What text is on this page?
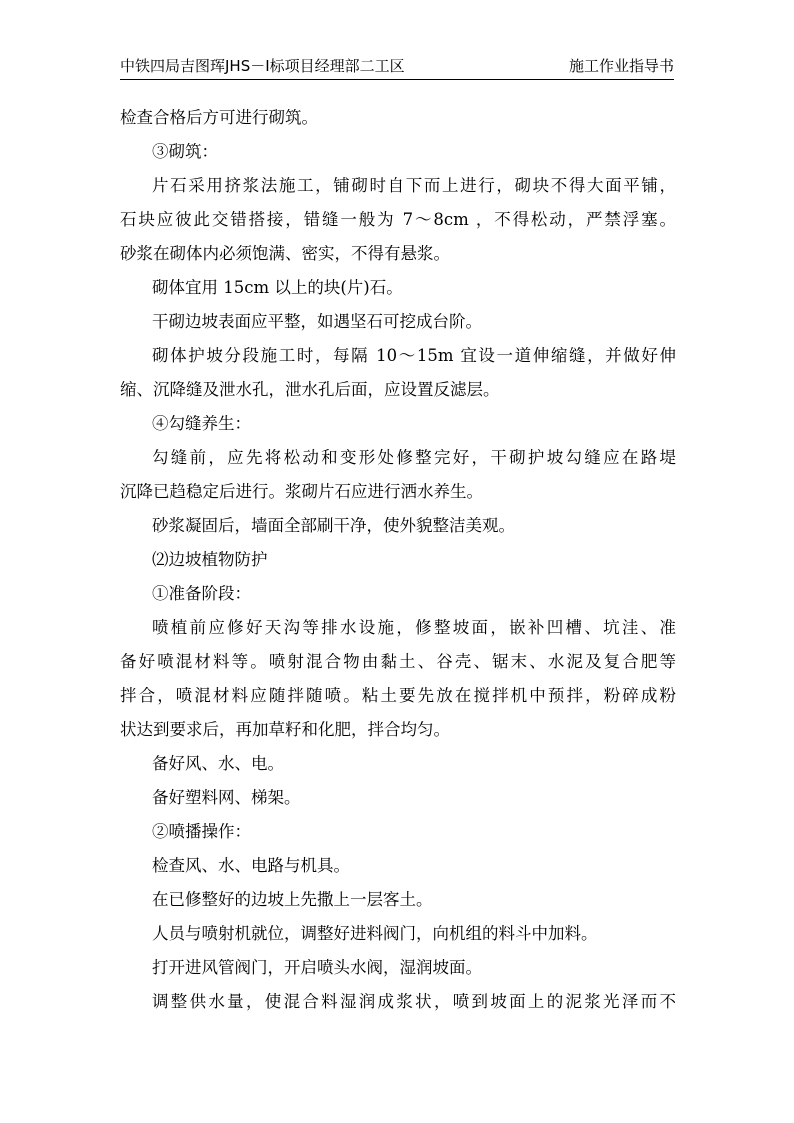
中铁四局吉图珲JHS－Ⅰ标项目经理部二工区	施工作业指导书
检查合格后方可进行砌筑。
③砌筑：
片石采用挤浆法施工，铺砌时自下而上进行，砌块不得大面平铺，
石块应彼此交错搭接，错缝一般为 7～8cm ，不得松动，严禁浮塞。
砂浆在砌体内必须饱满、密实，不得有悬浆。
砌体宜用 15cm 以上的块(片)石。
干砌边坡表面应平整，如遇坚石可挖成台阶。
砌体护坡分段施工时，每隔 10～15m 宜设一道伸缩缝，并做好伸
缩、沉降缝及泄水孔，泄水孔后面，应设置反滤层。
④勾缝养生：
勾缝前，应先将松动和变形处修整完好，干砌护坡勾缝应在路堤
沉降已趋稳定后进行。浆砌片石应进行洒水养生。
砂浆凝固后，墙面全部刷干净，使外貌整洁美观。
⑵边坡植物防护
①准备阶段：
喷植前应修好天沟等排水设施，修整坡面，嵌补凹槽、坑洼、准
备好喷混材料等。喷射混合物由黏土、谷壳、锯末、水泥及复合肥等
拌合，喷混材料应随拌随喷。粘土要先放在搅拌机中预拌，粉碎成粉
状达到要求后，再加草籽和化肥，拌合均匀。
备好风、水、电。
备好塑料网、梯架。
②喷播操作：
检查风、水、电路与机具。
在已修整好的边坡上先撒上一层客土。
人员与喷射机就位，调整好进料阀门，向机组的料斗中加料。
打开进风管阀门，开启喷头水阀，湿润坡面。
调整供水量，使混合料湿润成浆状，喷到坡面上的泥浆光泽而不
